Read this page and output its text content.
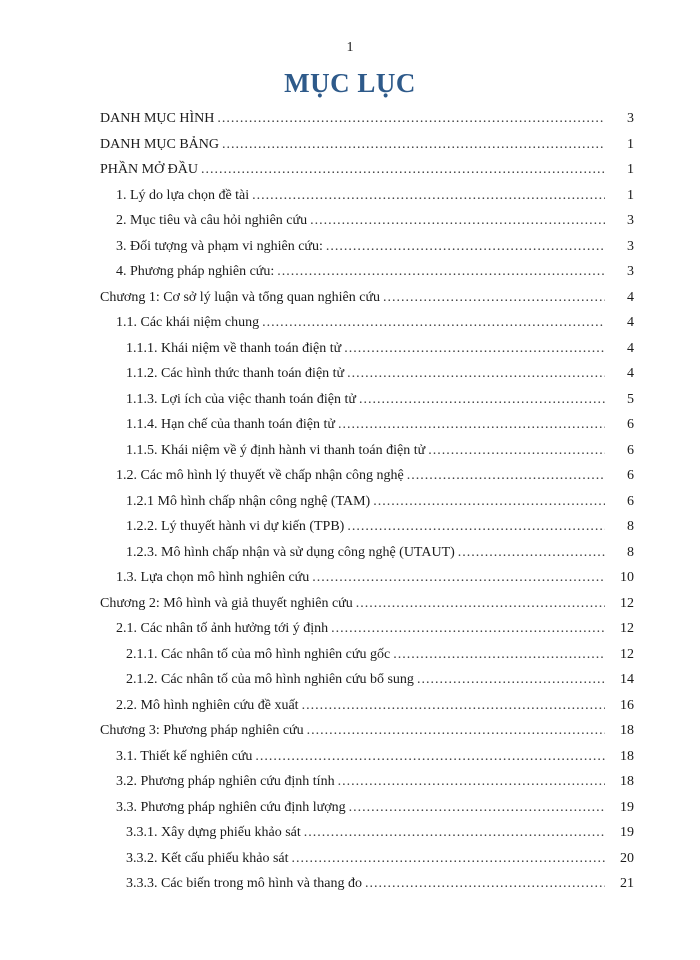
1
MỤC LỤC
DANH MỤC HÌNH .....	3
DANH MỤC BẢNG .....	1
PHẦN MỞ ĐẦU .....	1
1. Lý do lựa chọn đề tài .....	1
2. Mục tiêu và câu hỏi nghiên cứu .....	3
3. Đối tượng và phạm vi nghiên cứu: .....	3
4. Phương pháp nghiên cứu: .....	3
Chương 1: Cơ sở lý luận và tổng quan nghiên cứu .....	4
1.1. Các khái niệm chung .....	4
1.1.1. Khái niệm về thanh toán điện tử .....	4
1.1.2. Các hình thức thanh toán điện tử .....	4
1.1.3. Lợi ích của việc thanh toán điện tử .....	5
1.1.4. Hạn chế của thanh toán điện tử .....	6
1.1.5. Khái niệm về ý định hành vi thanh toán điện tử .....	6
1.2. Các mô hình lý thuyết về chấp nhận công nghệ .....	6
1.2.1 Mô hình chấp nhận công nghệ (TAM) .....	6
1.2.2. Lý thuyết hành vi dự kiến (TPB) .....	8
1.2.3. Mô hình chấp nhận và sử dụng công nghệ (UTAUT) .....	8
1.3. Lựa chọn mô hình nghiên cứu .....	10
Chương 2: Mô hình và giả thuyết nghiên cứu .....	12
2.1. Các nhân tố ảnh hưởng tới ý định .....	12
2.1.1. Các nhân tố của mô hình nghiên cứu gốc .....	12
2.1.2. Các nhân tố của mô hình nghiên cứu bổ sung .....	14
2.2. Mô hình nghiên cứu đề xuất .....	16
Chương 3: Phương pháp nghiên cứu .....	18
3.1. Thiết kế nghiên cứu .....	18
3.2. Phương pháp nghiên cứu định tính .....	18
3.3. Phương pháp nghiên cứu định lượng .....	19
3.3.1. Xây dựng phiếu khảo sát .....	19
3.3.2. Kết cấu phiếu khảo sát .....	20
3.3.3. Các biến trong mô hình và thang đo .....	21
